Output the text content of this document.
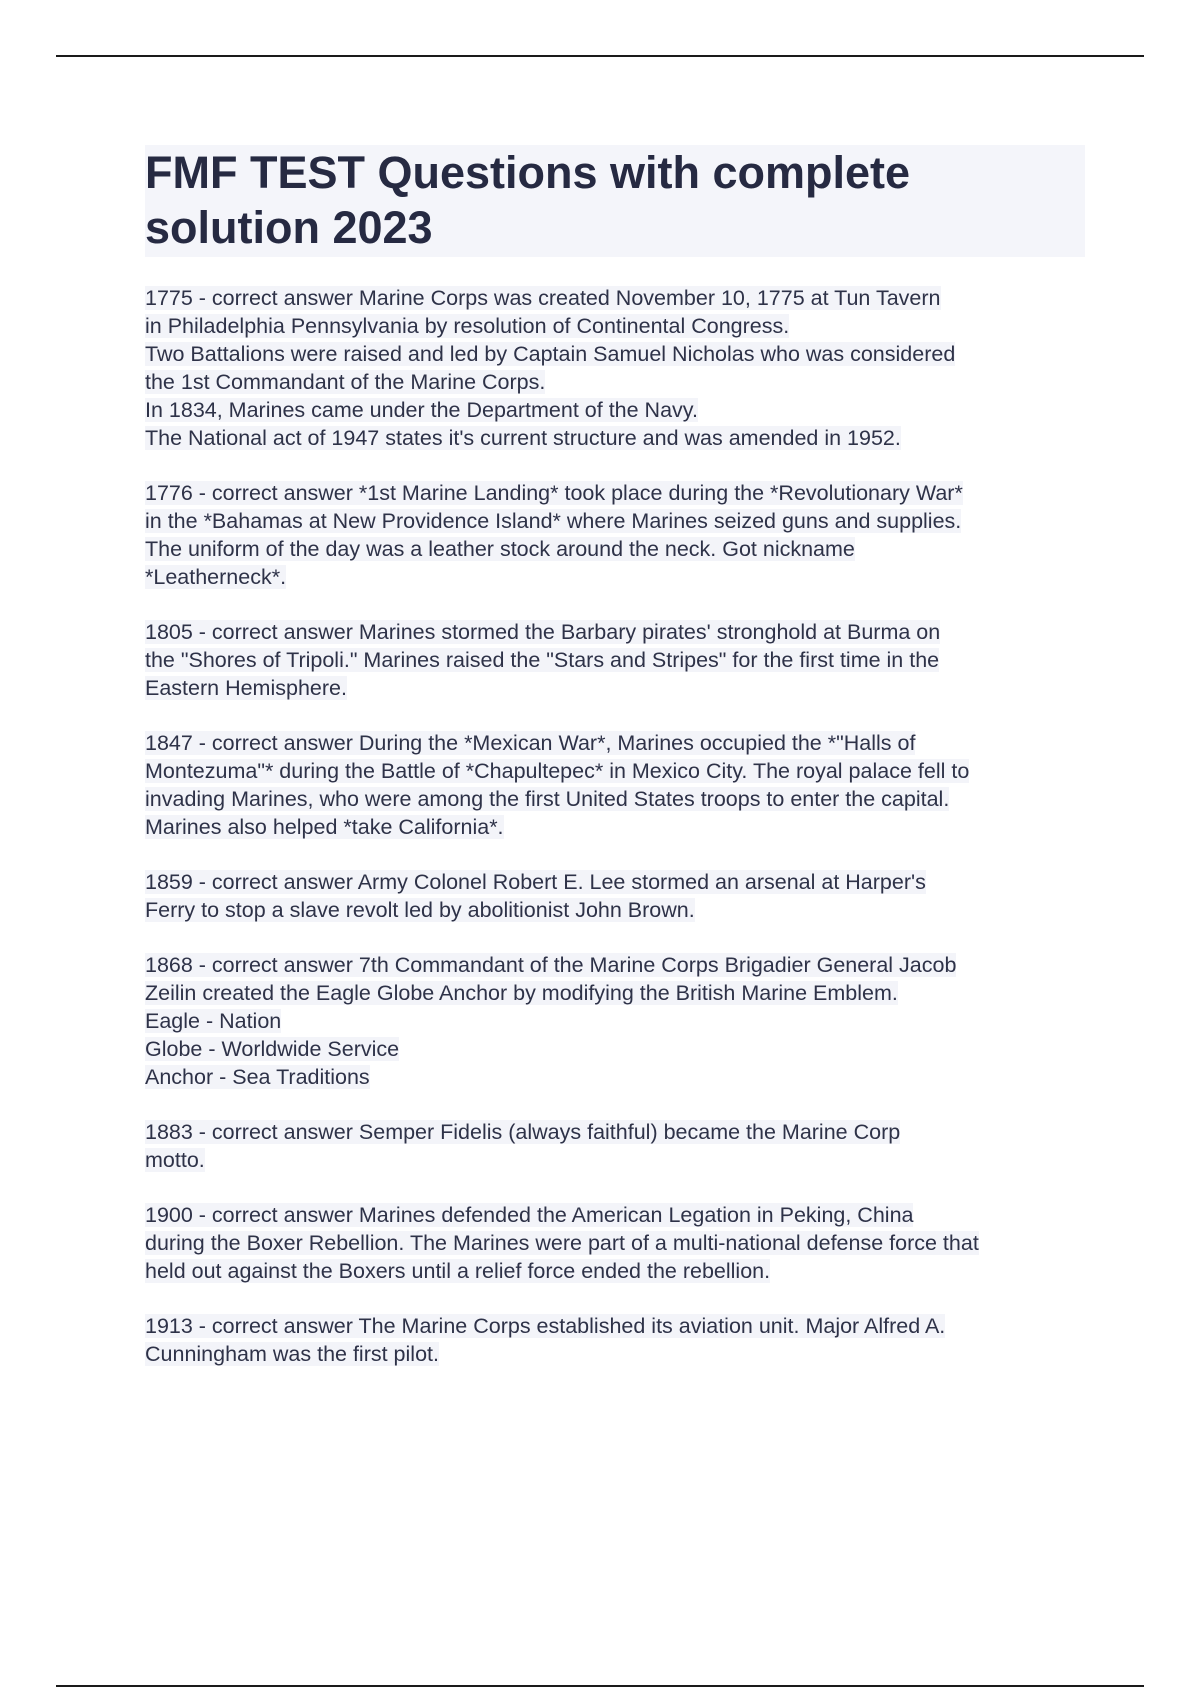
FMF TEST Questions with complete
solution 2023
1775 - correct answer Marine Corps was created November 10, 1775 at Tun Tavern
in Philadelphia Pennsylvania by resolution of Continental Congress.
Two Battalions were raised and led by Captain Samuel Nicholas who was considered
the 1st Commandant of the Marine Corps.
In 1834, Marines came under the Department of the Navy.
The National act of 1947 states it's current structure and was amended in 1952.
1776 - correct answer *1st Marine Landing* took place during the *Revolutionary War*
in the *Bahamas at New Providence Island* where Marines seized guns and supplies.
The uniform of the day was a leather stock around the neck. Got nickname
*Leatherneck*.
1805 - correct answer Marines stormed the Barbary pirates' stronghold at Burma on
the "Shores of Tripoli." Marines raised the "Stars and Stripes" for the first time in the
Eastern Hemisphere.
1847 - correct answer During the *Mexican War*, Marines occupied the *"Halls of
Montezuma"* during the Battle of *Chapultepec* in Mexico City. The royal palace fell to
invading Marines, who were among the first United States troops to enter the capital.
Marines also helped *take California*.
1859 - correct answer Army Colonel Robert E. Lee stormed an arsenal at Harper's
Ferry to stop a slave revolt led by abolitionist John Brown.
1868 - correct answer 7th Commandant of the Marine Corps Brigadier General Jacob
Zeilin created the Eagle Globe Anchor by modifying the British Marine Emblem.
Eagle - Nation
Globe - Worldwide Service
Anchor - Sea Traditions
1883 - correct answer Semper Fidelis (always faithful) became the Marine Corp
motto.
1900 - correct answer Marines defended the American Legation in Peking, China
during the Boxer Rebellion. The Marines were part of a multi-national defense force that
held out against the Boxers until a relief force ended the rebellion.
1913 - correct answer The Marine Corps established its aviation unit. Major Alfred A.
Cunningham was the first pilot.
